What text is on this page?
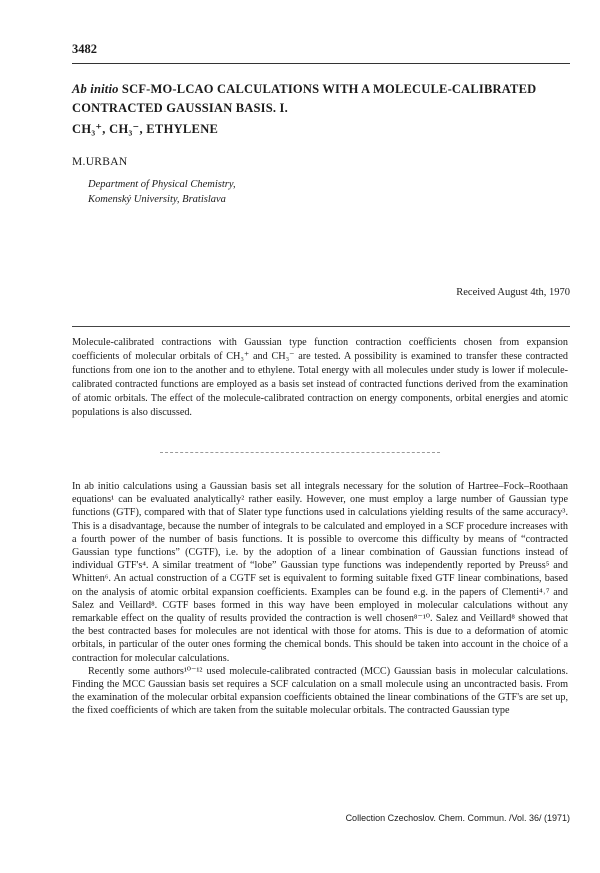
3482
Ab initio SCF-MO-LCAO CALCULATIONS WITH A MOLECULE-CALIBRATED CONTRACTED GAUSSIAN BASIS. I.
CH₃⁺, CH₃⁻, ETHYLENE
M.URBAN
Department of Physical Chemistry,
Komenský University, Bratislava
Received August 4th, 1970
Molecule-calibrated contractions with Gaussian type function contraction coefficients chosen from expansion coefficients of molecular orbitals of CH₃⁺ and CH₃⁻ are tested. A possibility is examined to transfer these contracted functions from one ion to the another and to ethylene. Total energy with all molecules under study is lower if molecule-calibrated contracted functions are employed as a basis set instead of contracted functions derived from the examination of atomic orbitals. The effect of the molecule-calibrated contraction on energy components, orbital energies and atomic populations is also discussed.

In ab initio calculations using a Gaussian basis set all integrals necessary for the solution of Hartree–Fock–Roothaan equations¹ can be evaluated analytically² rather easily. However, one must employ a large number of Gaussian type functions (GTF), compared with that of Slater type functions used in calculations yielding results of the same accuracy³. This is a disadvantage, because the number of integrals to be calculated and employed in a SCF procedure increases with a fourth power of the number of basis functions. It is possible to overcome this difficulty by means of “contracted Gaussian type functions” (CGTF), i.e. by the adoption of a linear combination of Gaussian functions instead of individual GTF's⁴. A similar treatment of “lobe” Gaussian type functions was independently reported by Preuss⁵ and Whitten⁶. An actual construction of a CGTF set is equivalent to forming suitable fixed GTF linear combinations, based on the analysis of atomic orbital expansion coefficients. Examples can be found e.g. in the papers of Clementi⁴˒⁷ and Salez and Veillard⁸. CGTF bases formed in this way have been employed in molecular calculations without any remarkable effect on the quality of results provided the contraction is well chosen⁸⁻¹⁰. Salez and Veillard⁸ showed that the best contracted bases for molecules are not identical with those for atoms. This is due to a deformation of atomic orbitals, in particular of the outer ones forming the chemical bonds. This should be taken into account in the choice of a contraction for molecular calculations.

Recently some authors¹⁰⁻¹² used molecule-calibrated contracted (MCC) Gaussian basis in molecular calculations. Finding the MCC Gaussian basis set requires a SCF calculation on a small molecule using an uncontracted basis. From the examination of the molecular orbital expansion coefficients obtained the linear combinations of the GTF's are set up, the fixed coefficients of which are taken from the suitable molecular orbitals. The contracted Gaussian type

Collection Czechoslov. Chem. Commun. /Vol. 36/ (1971)
